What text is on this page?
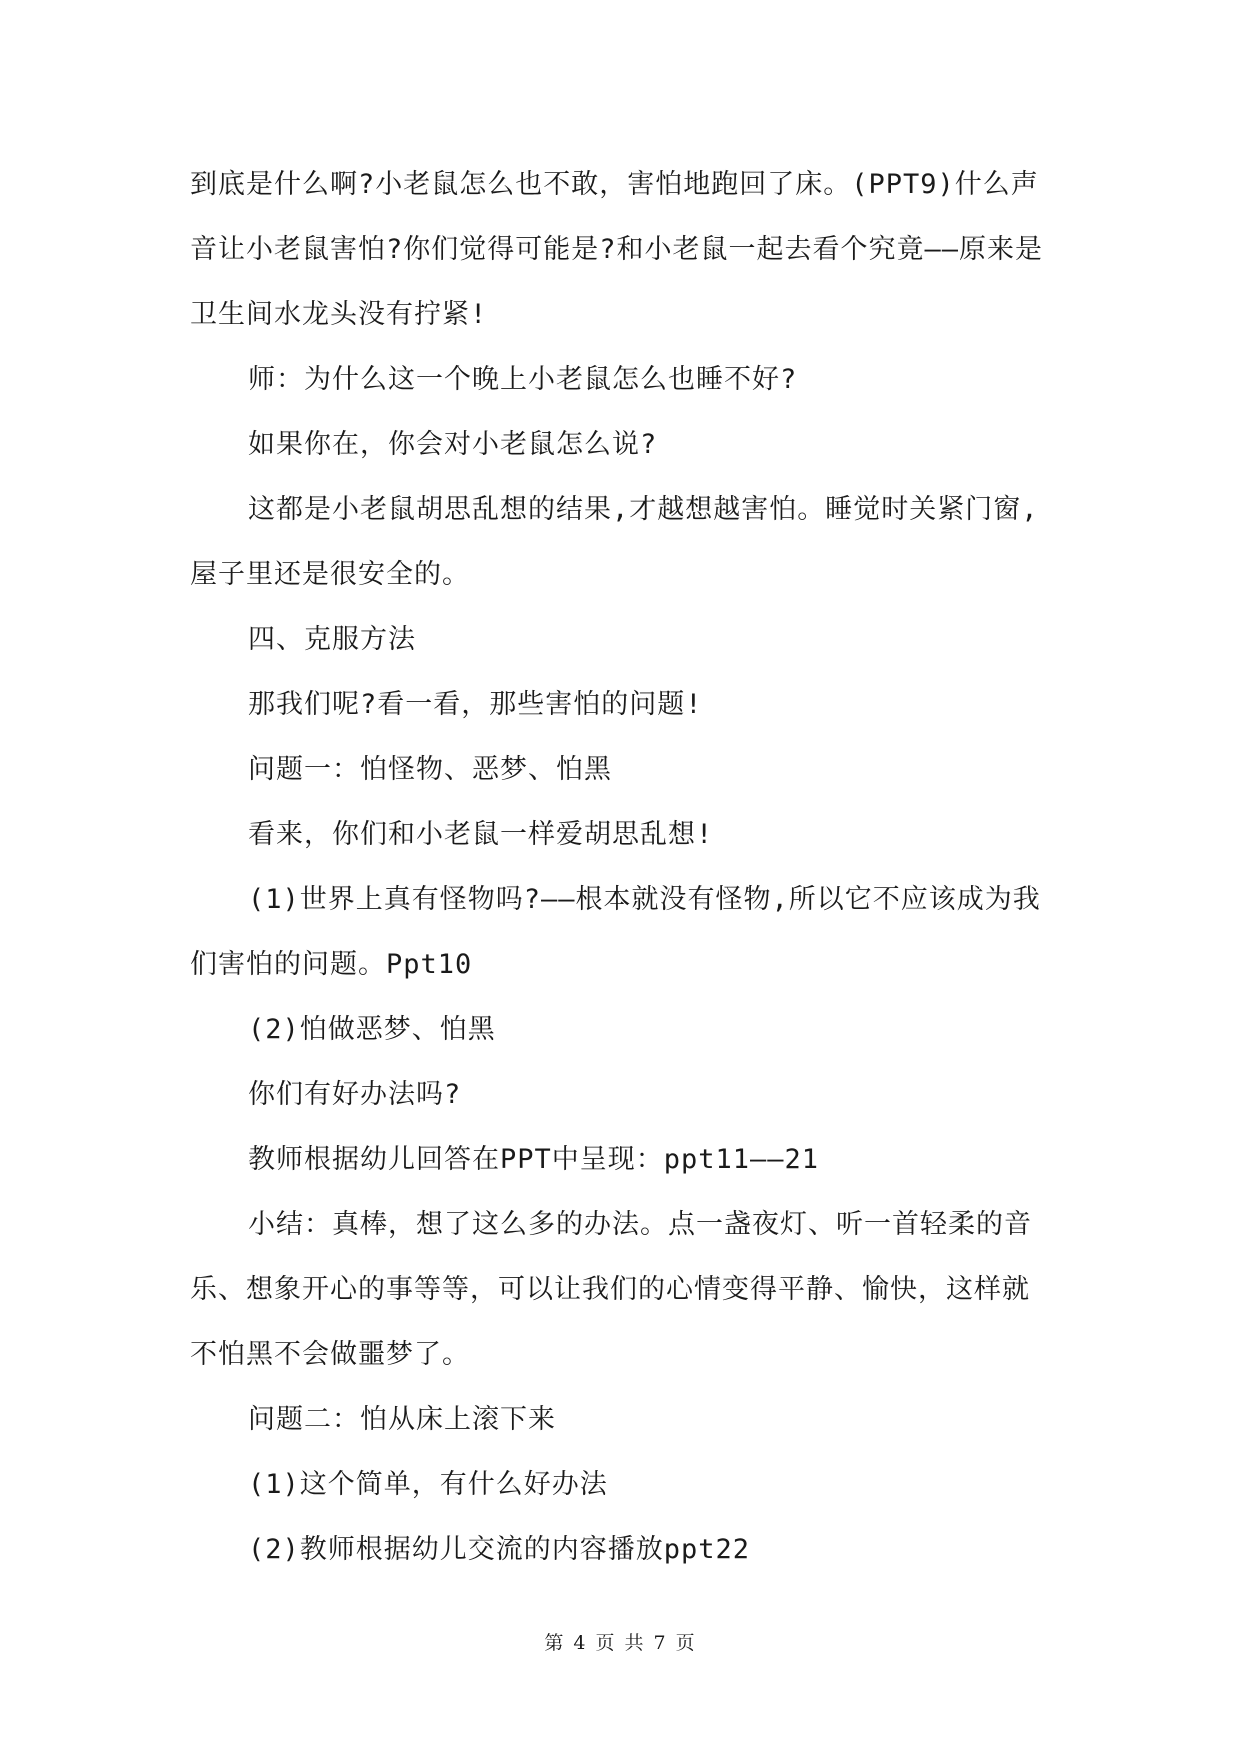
到底是什么啊?小老鼠怎么也不敢，害怕地跑回了床。(PPT9)什么声音让小老鼠害怕?你们觉得可能是?和小老鼠一起去看个究竟——原来是卫生间水龙头没有拧紧!

师：为什么这一个晚上小老鼠怎么也睡不好?

如果你在，你会对小老鼠怎么说?

这都是小老鼠胡思乱想的结果,才越想越害怕。睡觉时关紧门窗,屋子里还是很安全的。

四、克服方法

那我们呢?看一看，那些害怕的问题!

问题一：怕怪物、恶梦、怕黑

看来，你们和小老鼠一样爱胡思乱想!

(1)世界上真有怪物吗?——根本就没有怪物,所以它不应该成为我们害怕的问题。Ppt10

(2)怕做恶梦、怕黑

你们有好办法吗?

教师根据幼儿回答在PPT中呈现：ppt11——21

小结：真棒，想了这么多的办法。点一盏夜灯、听一首轻柔的音乐、想象开心的事等等，可以让我们的心情变得平静、愉快，这样就不怕黑不会做噩梦了。

问题二：怕从床上滚下来

(1)这个简单，有什么好办法

(2)教师根据幼儿交流的内容播放ppt22

第 4 页 共 7 页
